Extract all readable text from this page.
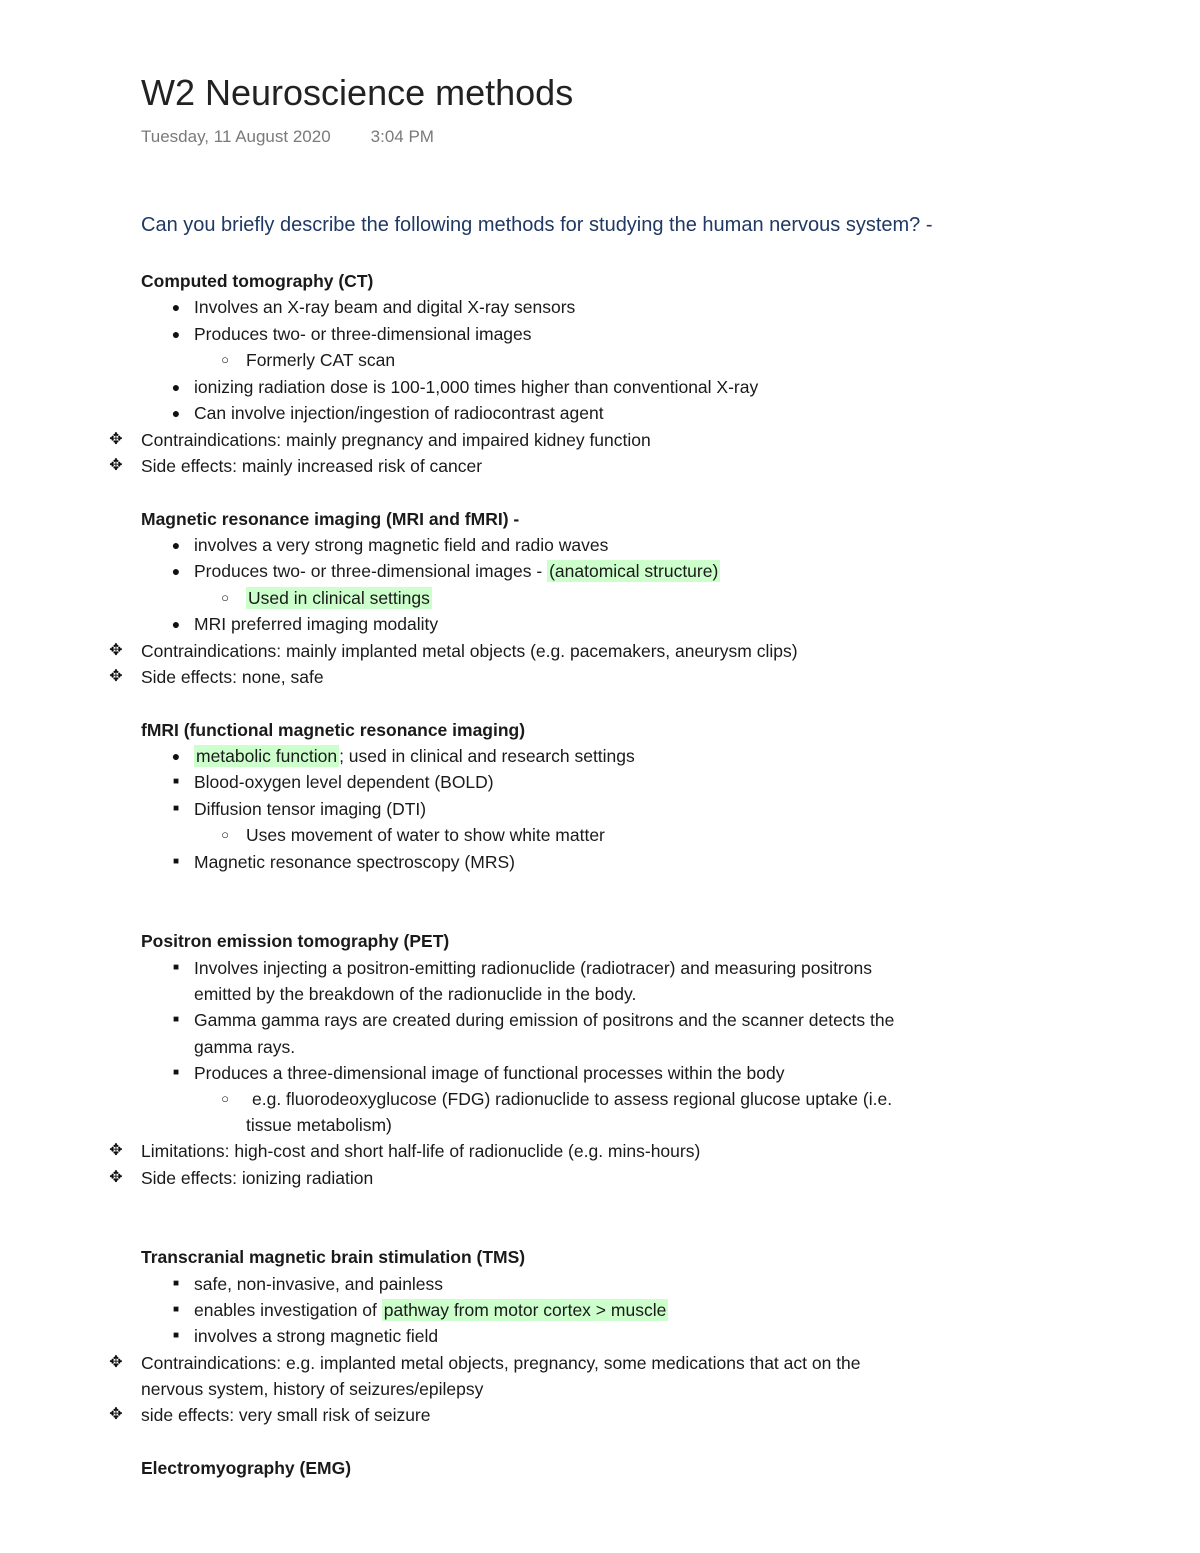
W2 Neuroscience methods
Tuesday, 11 August 2020 3:04 PM
Can you briefly describe the following methods for studying the human nervous system? -
Computed tomography (CT)
● Involves an X-ray beam and digital X-ray sensors
● Produces two- or three-dimensional images
○ Formerly CAT scan
● ionizing radiation dose is 100-1,000 times higher than conventional X-ray
● Can involve injection/ingestion of radiocontrast agent
✥ Contraindications: mainly pregnancy and impaired kidney function
✥ Side effects: mainly increased risk of cancer
Magnetic resonance imaging (MRI and fMRI) -
● involves a very strong magnetic field and radio waves
● Produces two- or three-dimensional images - (anatomical structure)
○	Used in clinical settings
● MRI preferred imaging modality
✥ Contraindications: mainly implanted metal objects (e.g. pacemakers, aneurysm clips)
✥ Side effects: none, safe
fMRI (functional magnetic resonance imaging)
● metabolic function ; used in clinical and research settings
■ Blood-oxygen level dependent (BOLD)
■ Diffusion tensor imaging (DTI)
○ Uses movement of water to show white matter
■ Magnetic resonance spectroscopy (MRS)
Positron emission tomography (PET)
■ Involves injecting a positron-emitting radionuclide (radiotracer) and measuring positrons
emitted by the breakdown of the radionuclide in the body.
■ Gamma gamma rays are created during emission of positrons and the scanner detects the
gamma rays.
■ Produces a three-dimensional image of functional processes within the body
○	e.g. fluorodeoxyglucose (FDG) radionuclide to assess regional glucose uptake (i.e.
tissue metabolism)
✥ Limitations: high-cost and short half-life of radionuclide (e.g. mins-hours)
✥ Side effects: ionizing radiation
Transcranial magnetic brain stimulation (TMS)
■ safe, non-invasive, and painless
■ enables investigation of pathway from motor cortex > muscle
■ involves a strong magnetic field
✥ Contraindications: e.g. implanted metal objects, pregnancy, some medications that act on the
nervous system, history of seizures/epilepsy
✥ side effects: very small risk of seizure
Electromyography (EMG)
